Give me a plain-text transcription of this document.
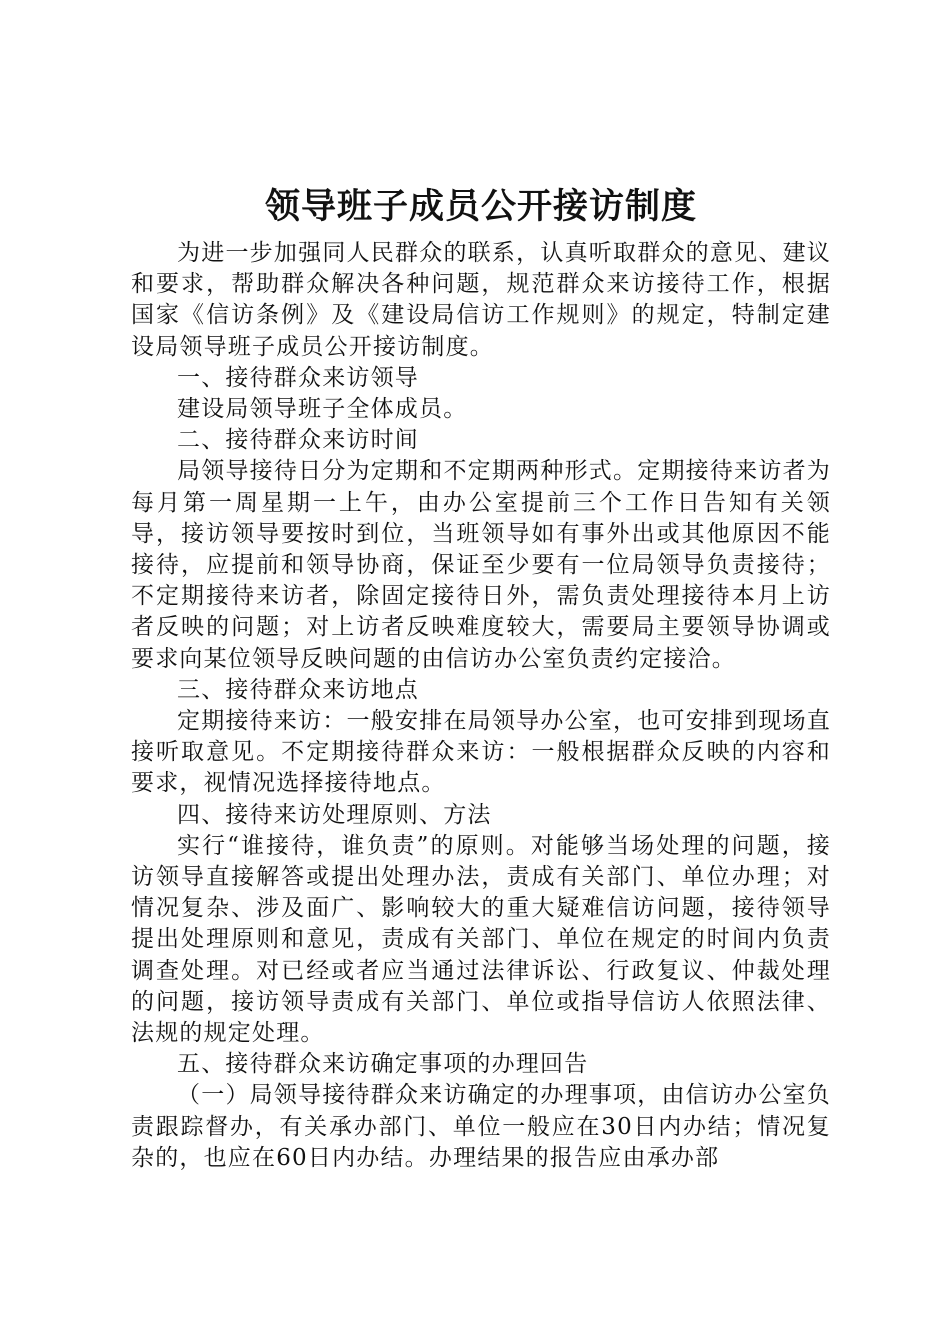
领导班子成员公开接访制度

为进一步加强同人民群众的联系，认真听取群众的意见、建议和要求，帮助群众解决各种问题，规范群众来访接待工作，根据国家《信访条例》及《建设局信访工作规则》的规定，特制定建设局领导班子成员公开接访制度。

一、接待群众来访领导

建设局领导班子全体成员。

二、接待群众来访时间

局领导接待日分为定期和不定期两种形式。定期接待来访者为每月第一周星期一上午，由办公室提前三个工作日告知有关领导，接访领导要按时到位，当班领导如有事外出或其他原因不能接待，应提前和领导协商，保证至少要有一位局领导负责接待；不定期接待来访者，除固定接待日外，需负责处理接待本月上访者反映的问题；对上访者反映难度较大，需要局主要领导协调或要求向某位领导反映问题的由信访办公室负责约定接洽。

三、接待群众来访地点

定期接待来访：一般安排在局领导办公室，也可安排到现场直接听取意见。不定期接待群众来访：一般根据群众反映的内容和要求，视情况选择接待地点。

四、接待来访处理原则、方法

实行“谁接待，谁负责”的原则。对能够当场处理的问题，接访领导直接解答或提出处理办法，责成有关部门、单位办理；对情况复杂、涉及面广、影响较大的重大疑难信访问题，接待领导提出处理原则和意见，责成有关部门、单位在规定的时间内负责调查处理。对已经或者应当通过法律诉讼、行政复议、仲裁处理的问题，接访领导责成有关部门、单位或指导信访人依照法律、法规的规定处理。

五、接待群众来访确定事项的办理回告

（一）局领导接待群众来访确定的办理事项，由信访办公室负责跟踪督办，有关承办部门、单位一般应在30日内办结；情况复杂的，也应在60日内办结。办理结果的报告应由承办部
